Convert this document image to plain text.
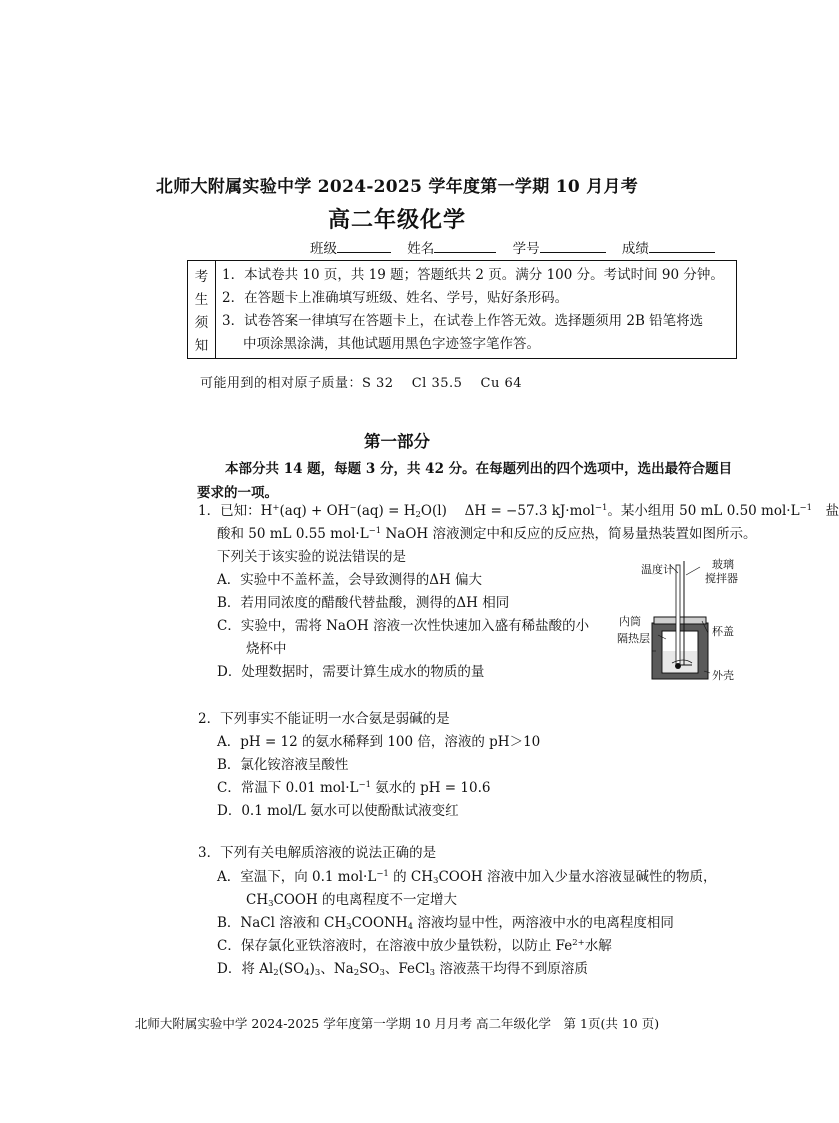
北师大附属实验中学 2024-2025 学年度第一学期 10 月月考
高二年级化学
班级	姓名	学号	成绩
考
生
须
知
1．本试卷共 10 页，共 19 题；答题纸共 2 页。满分 100 分。考试时间 90 分钟。
2．在答题卡上准确填写班级、姓名、学号，贴好条形码。
3．试卷答案一律填写在答题卡上，在试卷上作答无效。选择题须用 2B 铅笔将选
中项涂黑涂满，其他试题用黑色字迹签字笔作答。
可能用到的相对原子质量：S 32　 Cl 35.5　 Cu 64
第一部分
本部分共 14 题，每题 3 分，共 42 分。在每题列出的四个选项中，选出最符合题目
要求的一项。
1．已知：$H^+(aq) + OH^-(aq) = H_2O(l)$　 ΔH = −57.3 kJ·mol$^{-1}$。某小组用 50 mL 0.50 $mol\cdot L^{-1}$　盐
酸和 50 mL 0.55 $mol\cdot L^{-1}$ NaOH 溶液测定中和反应的反应热，简易量热装置如图所示。
下列关于该实验的说法错误的是
A．实验中不盖杯盖，会导致测得的ΔH 偏大
B．若用同浓度的醋酸代替盐酸，测得的ΔH 相同
C．实验中，需将 NaOH 溶液一次性快速加入盛有稀盐酸的小
烧杯中
D．处理数据时，需要计算生成水的物质的量
温度计	玻璃
搅拌器
内筒
隔热层
杯盖
外壳
2．下列事实不能证明一水合氨是弱碱的是
A．pH = 12 的氨水稀释到 100 倍，溶液的 pH＞10
B．氯化铵溶液呈酸性
C．常温下 0.01 $mol\cdot L^{-1}$ 氨水的 pH = 10.6
D．0.1 mol/L 氨水可以使酚酞试液变红
3．下列有关电解质溶液的说法正确的是
A．室温下，向 0.1 $mol\cdot L^{-1}$ 的 $CH_3COOH$ 溶液中加入少量水溶液显碱性的物质，
$CH_3COOH$ 的电离程度不一定增大
B．NaCl 溶液和 $CH_3COONH_4$ 溶液均显中性，两溶液中水的电离程度相同
C．保存氯化亚铁溶液时，在溶液中放少量铁粉，以防止 $Fe^{2+}$水解
D．将 $Al_2(SO_4)_3$、$Na_2SO_3$、FeCl$_3$ 溶液蒸干均得不到原溶质
北师大附属实验中学 2024-2025 学年度第一学期 10 月月考 高二年级化学　第 1页(共 10 页)
